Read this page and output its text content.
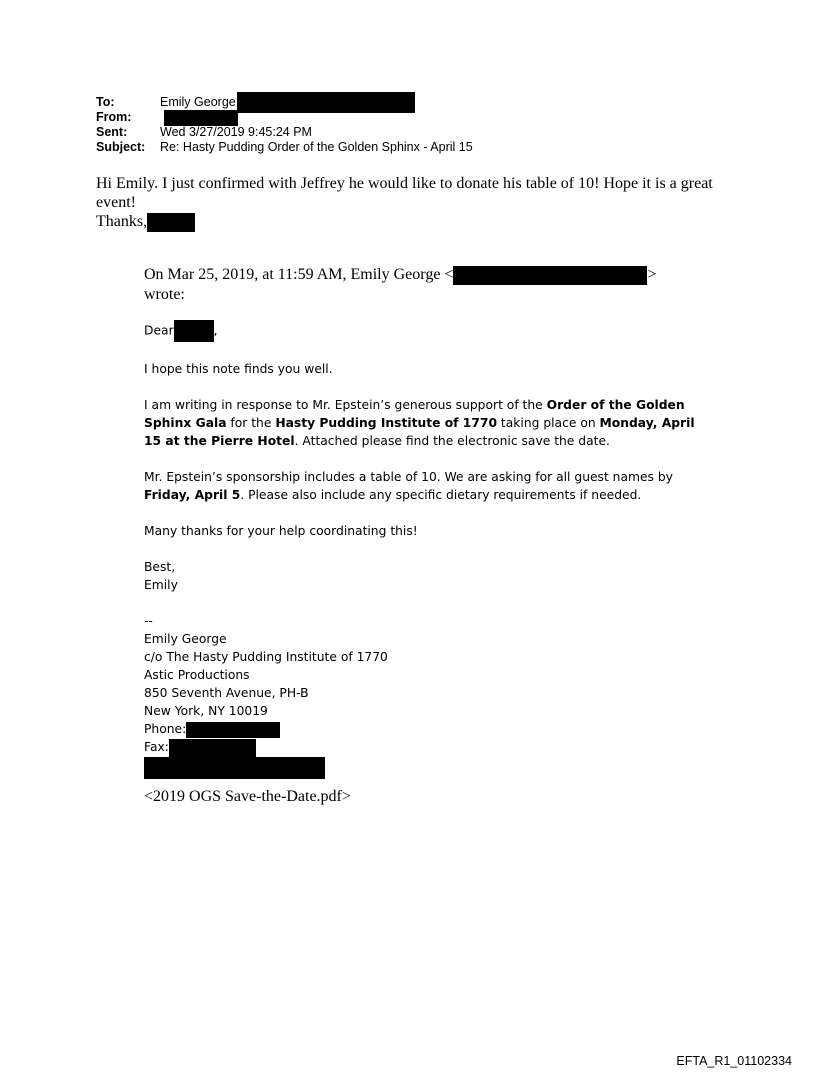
To:	Emily George
From:
Sent:	Wed 3/27/2019 9:45:24 PM
Subject:	Re: Hasty Pudding Order of the Golden Sphinx - April 15

Hi Emily. I just confirmed with Jeffrey he would like to donate his table of 10! Hope it is a great event!

Thanks,

On Mar 25, 2019, at 11:59 AM, Emily George <	>

wrote:

Dear	,

I hope this note finds you well.

I am writing in response to Mr. Epstein’s generous support of the Order of the Golden Sphinx Gala for the Hasty Pudding Institute of 1770 taking place on Monday, April 15 at the Pierre Hotel. Attached please find the electronic save the date.

Mr. Epstein’s sponsorship includes a table of 10. We are asking for all guest names by Friday, April 5. Please also include any specific dietary requirements if needed.

Many thanks for your help coordinating this!

Best,
Emily

--

Emily George

c/o The Hasty Pudding Institute of 1770

Astic Productions

850 Seventh Avenue, PH-B

New York, NY 10019

Phone:

Fax:

<2019 OGS Save-the-Date.pdf>
EFTA_R1_01102334
